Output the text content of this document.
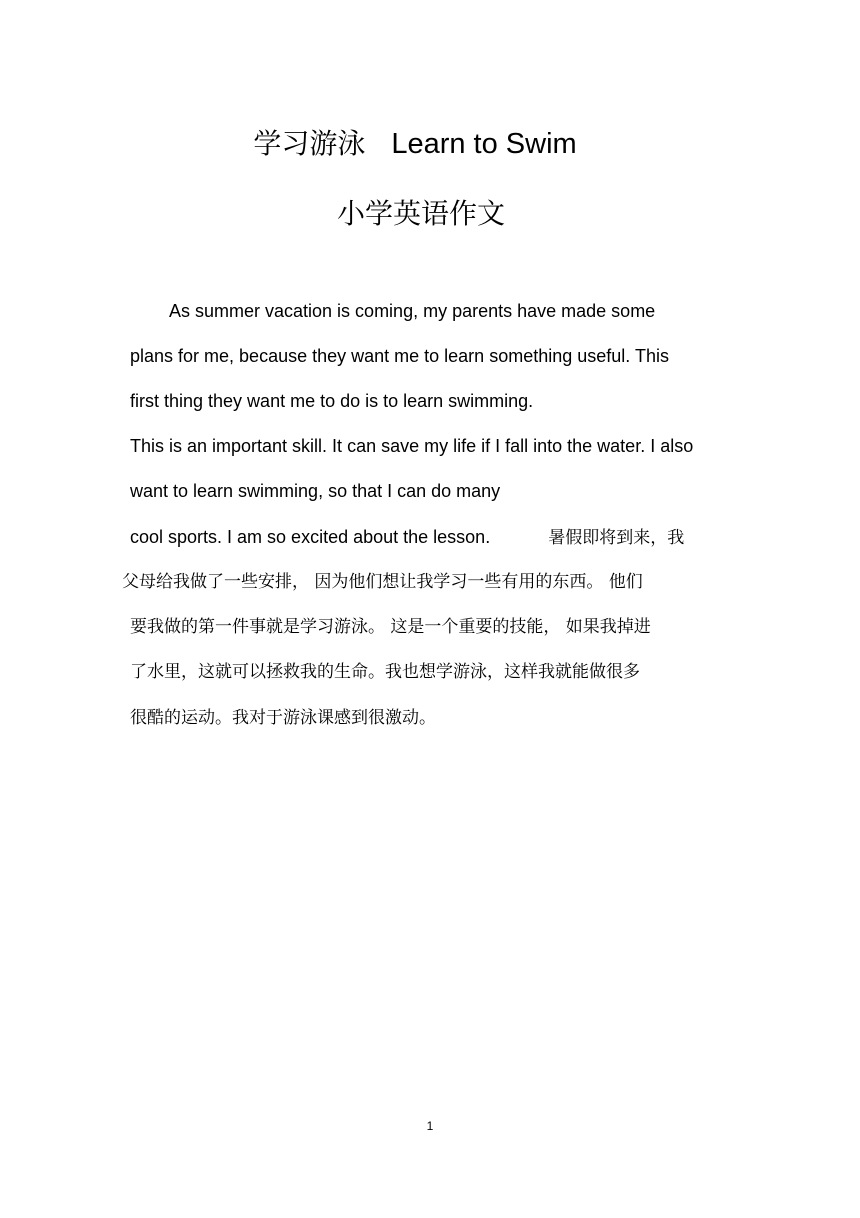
学习游泳 Learn to Swim
小学英语作文
As summer vacation is coming, my parents have made some
plans for me, because they want me to learn something useful. This
first thing they want me to do is to learn swimming.
This is an important skill. It can save my life if I fall into the water. I also
want to learn swimming, so that I can do many
cool sports. I am so excited about the lesson.	暑假即将到来，我
父母给我做了一些安排， 因为他们想让我学习一些有用的东西。 他们
要我做的第一件事就是学习游泳。 这是一个重要的技能， 如果我掉进
了水里，这就可以拯救我的生命。我也想学游泳，这样我就能做很多
很酷的运动。我对于游泳课感到很激动。
1
